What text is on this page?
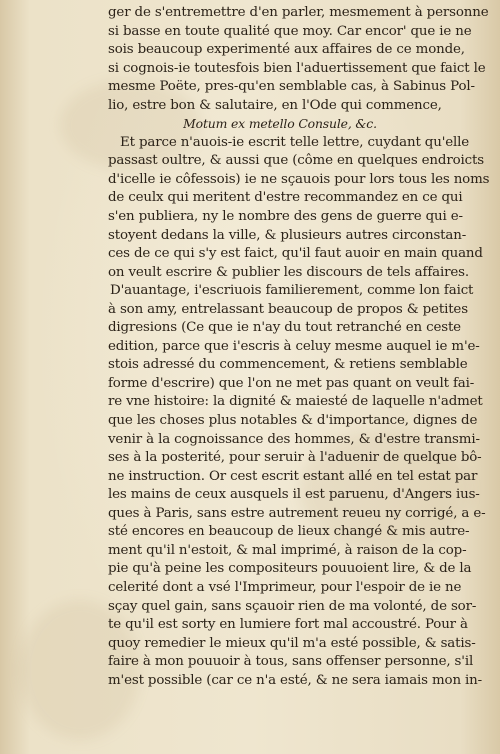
ger de s'entremettre d'en parler, mesmement à personne
si basse en toute qualité que moy. Car encor' que ie ne
sois beaucoup experimenté aux affaires de ce monde,
si cognois-ie toutesfois bien l'aduertissement que faict le
mesme Poëte, pres-qu'en semblable cas, à Sabinus Pol-
lio, estre bon & salutaire, en l'Ode qui commence,
Motum ex metello Consule, &c.
Et parce n'auois-ie escrit telle lettre, cuydant qu'elle
passast oultre, & aussi que (côme en quelques endroicts
d'icelle ie côfessois) ie ne sçauois pour lors tous les noms
de ceulx qui meritent d'estre recommandez en ce qui
s'en publiera, ny le nombre des gens de guerre qui e-
stoyent dedans la ville, & plusieurs autres circonstan-
ces de ce qui s'y est faict, qu'il faut auoir en main quand
on veult escrire & publier les discours de tels affaires.
D'auantage, i'escriuois familierement, comme lon faict
à son amy, entrelassant beaucoup de propos & petites
digresions (Ce que ie n'ay du tout retranché en ceste
edition, parce que i'escris à celuy mesme auquel ie m'e-
stois adressé du commencement, & retiens semblable
forme d'escrire) que l'on ne met pas quant on veult fai-
re vne histoire: la dignité & maiesté de laquelle n'admet
que les choses plus notables & d'importance, dignes de
venir à la cognoissance des hommes, & d'estre transmi-
ses à la posterité, pour seruir à l'aduenir de quelque bô-
ne instruction. Or cest escrit estant allé en tel estat par
les mains de ceux ausquels il est paruenu, d'Angers ius-
ques à Paris, sans estre autrement reueu ny corrigé, a e-
sté encores en beaucoup de lieux changé & mis autre-
ment qu'il n'estoit, & mal imprimé, à raison de la cop-
pie qu'à peine les compositeurs pouuoient lire, & de la
celerité dont a vsé l'Imprimeur, pour l'espoir de ie ne
sçay quel gain, sans sçauoir rien de ma volonté, de sor-
te qu'il est sorty en lumiere fort mal accoustré. Pour à
quoy remedier le mieux qu'il m'a esté possible, & satis-
faire à mon pouuoir à tous, sans offenser personne, s'il
m'est possible (car ce n'a esté, & ne sera iamais mon in-
